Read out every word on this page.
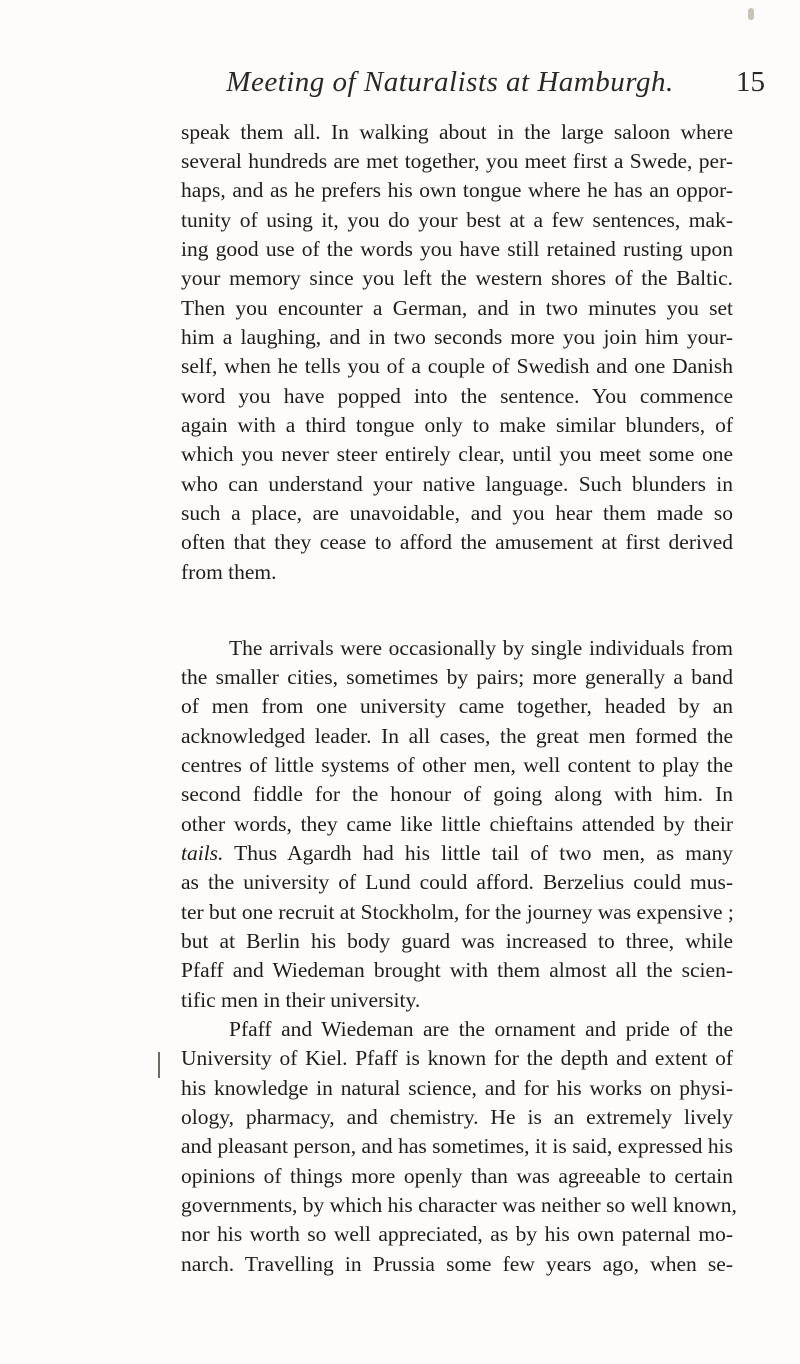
Meeting of Naturalists at Hamburgh.	15
speak them all. In walking about in the large saloon where
several hundreds are met together, you meet first a Swede, per-
haps, and as he prefers his own tongue where he has an oppor-
tunity of using it, you do your best at a few sentences, mak-
ing good use of the words you have still retained rusting upon
your memory since you left the western shores of the Baltic.
Then you encounter a German, and in two minutes you set
him a laughing, and in two seconds more you join him your-
self, when he tells you of a couple of Swedish and one Danish
word you have popped into the sentence. You commence
again with a third tongue only to make similar blunders, of
which you never steer entirely clear, until you meet some one
who can understand your native language. Such blunders in
such a place, are unavoidable, and you hear them made so
often that they cease to afford the amusement at first derived
from them.
The arrivals were occasionally by single individuals from
the smaller cities, sometimes by pairs; more generally a band
of men from one university came together, headed by an
acknowledged leader. In all cases, the great men formed the
centres of little systems of other men, well content to play the
second fiddle for the honour of going along with him. In
other words, they came like little chieftains attended by their
tails. Thus Agardh had his little tail of two men, as many
as the university of Lund could afford. Berzelius could mus-
ter but one recruit at Stockholm, for the journey was expensive ;
but at Berlin his body guard was increased to three, while
Pfaff and Wiedeman brought with them almost all the scien-
tific men in their university.
Pfaff and Wiedeman are the ornament and pride of the
University of Kiel. Pfaff is known for the depth and extent of
his knowledge in natural science, and for his works on physi-
ology, pharmacy, and chemistry. He is an extremely lively
and pleasant person, and has sometimes, it is said, expressed his
opinions of things more openly than was agreeable to certain
governments, by which his character was neither so well known,
nor his worth so well appreciated, as by his own paternal mo-
narch. Travelling in Prussia some few years ago, when se-
